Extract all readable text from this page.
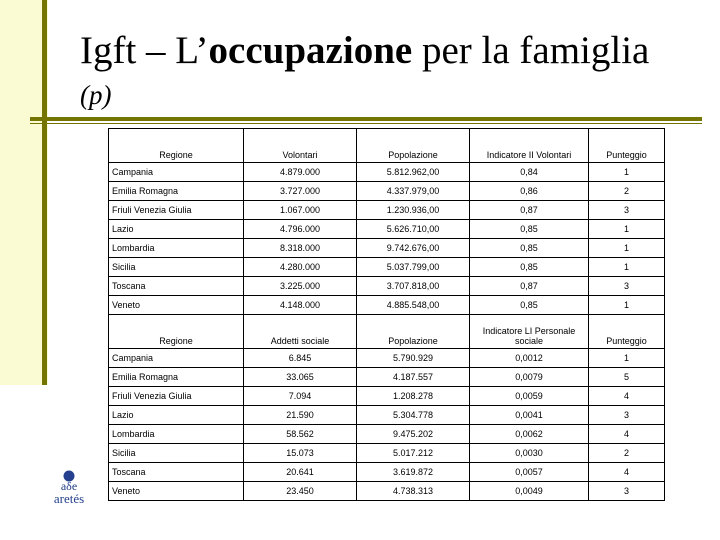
Igft – L’occupazione per la famiglia
(p)
aδe
aretés
Regione	Volontari	Popolazione	Indicatore II Volontari	Punteggio
Campania	4.879.000	5.812.962,00	0,84	1
Emilia Romagna	3.727.000	4.337.979,00	0,86	2
Friuli Venezia Giulia	1.067.000	1.230.936,00	0,87	3
Lazio	4.796.000	5.626.710,00	0,85	1
Lombardia	8.318.000	9.742.676,00	0,85	1
Sicilia	4.280.000	5.037.799,00	0,85	1
Toscana	3.225.000	3.707.818,00	0,87	3
Veneto	4.148.000	4.885.548,00	0,85	1
Regione	Addetti sociale	Popolazione	Indicatore LI Personale sociale	Punteggio
Campania	6.845	5.790.929	0,0012	1
Emilia Romagna	33.065	4.187.557	0,0079	5
Friuli Venezia Giulia	7.094	1.208.278	0,0059	4
Lazio	21.590	5.304.778	0,0041	3
Lombardia	58.562	9.475.202	0,0062	4
Sicilia	15.073	5.017.212	0,0030	2
Toscana	20.641	3.619.872	0,0057	4
Veneto	23.450	4.738.313	0,0049	3
